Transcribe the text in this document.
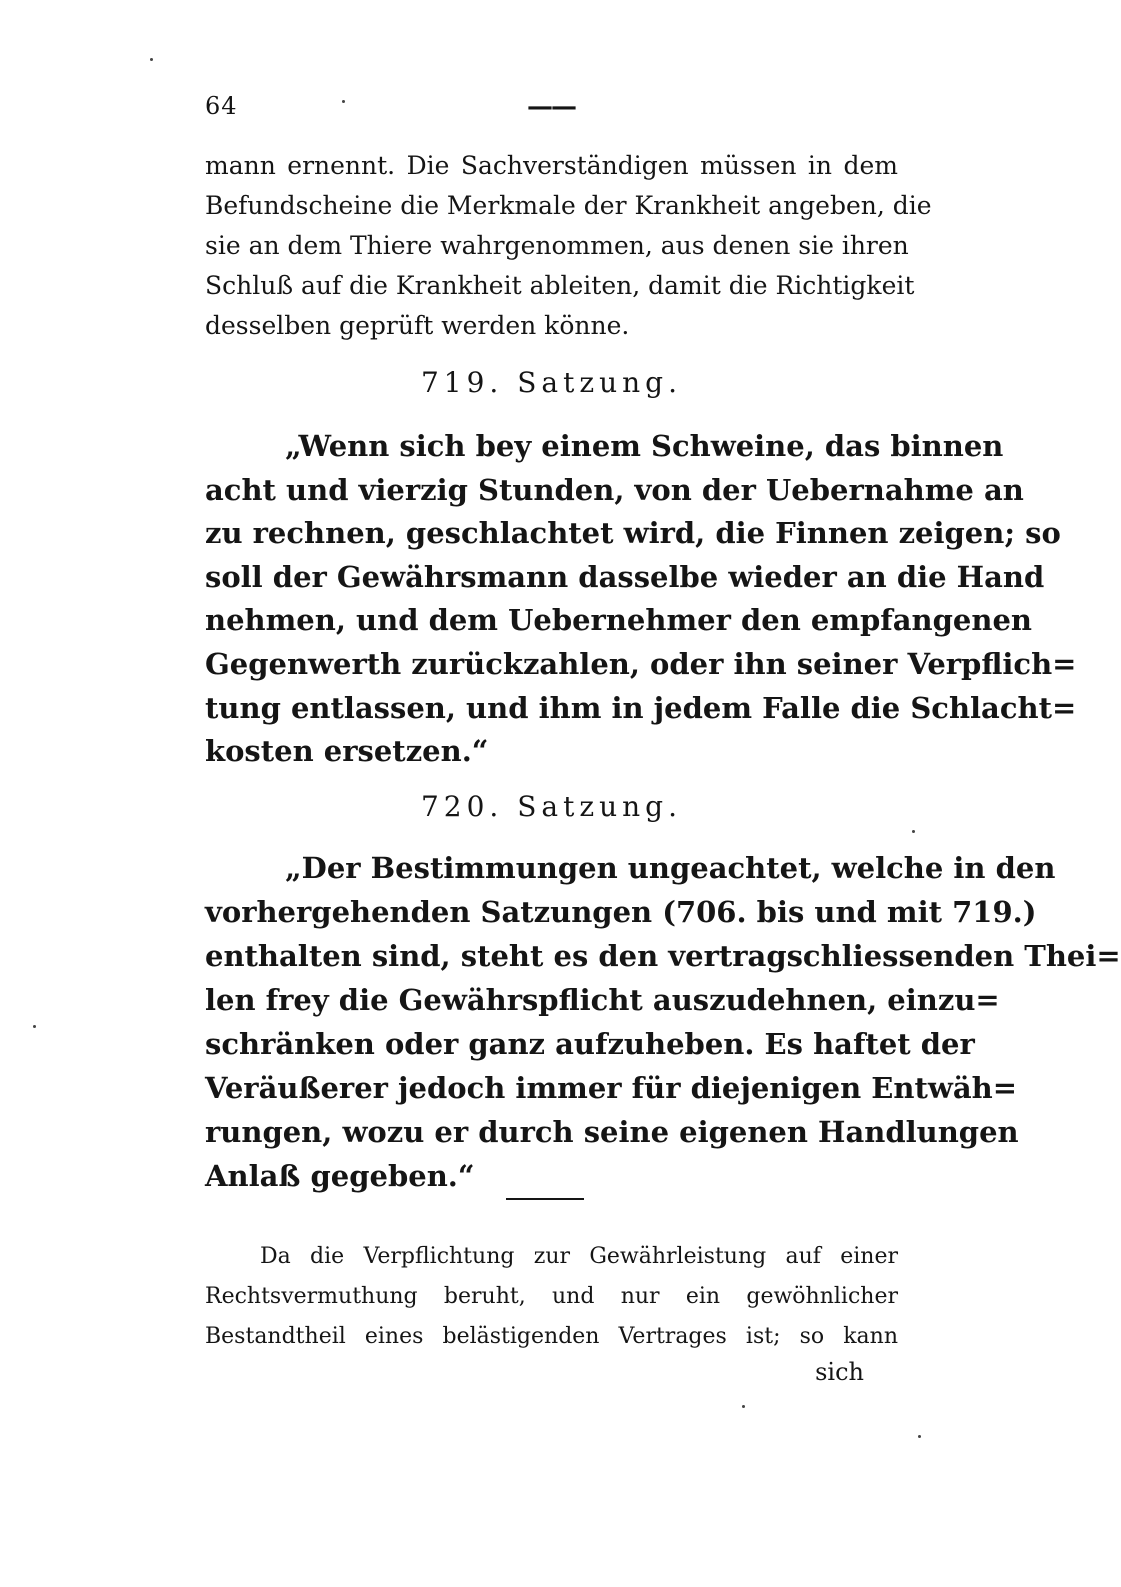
64	——
mann ernennt. Die Sachverständigen müssen in dem
Befundscheine die Merkmale der Krankheit angeben, die
sie an dem Thiere wahrgenommen, aus denen sie ihren
Schluß auf die Krankheit ableiten, damit die Richtigkeit
desselben geprüft werden könne.
719. Satzung.
„Wenn sich bey einem Schweine, das binnen
acht und vierzig Stunden, von der Uebernahme an
zu rechnen, geschlachtet wird, die Finnen zeigen; so
soll der Gewährsmann dasselbe wieder an die Hand
nehmen, und dem Uebernehmer den empfangenen
Gegenwerth zurückzahlen, oder ihn seiner Verpflich=
tung entlassen, und ihm in jedem Falle die Schlacht=
kosten ersetzen.“
720. Satzung.
„Der Bestimmungen ungeachtet, welche in den
vorhergehenden Satzungen (706. bis und mit 719.)
enthalten sind, steht es den vertragschliessenden Thei=
len frey die Gewährspflicht auszudehnen, einzu=
schränken oder ganz aufzuheben. Es haftet der
Veräußerer jedoch immer für diejenigen Entwäh=
rungen, wozu er durch seine eigenen Handlungen
Anlaß gegeben.“
Da die Verpflichtung zur Gewährleistung auf einer
Rechtsvermuthung beruht, und nur ein gewöhnlicher
Bestandtheil eines belästigenden Vertrages ist; so kann
sich
